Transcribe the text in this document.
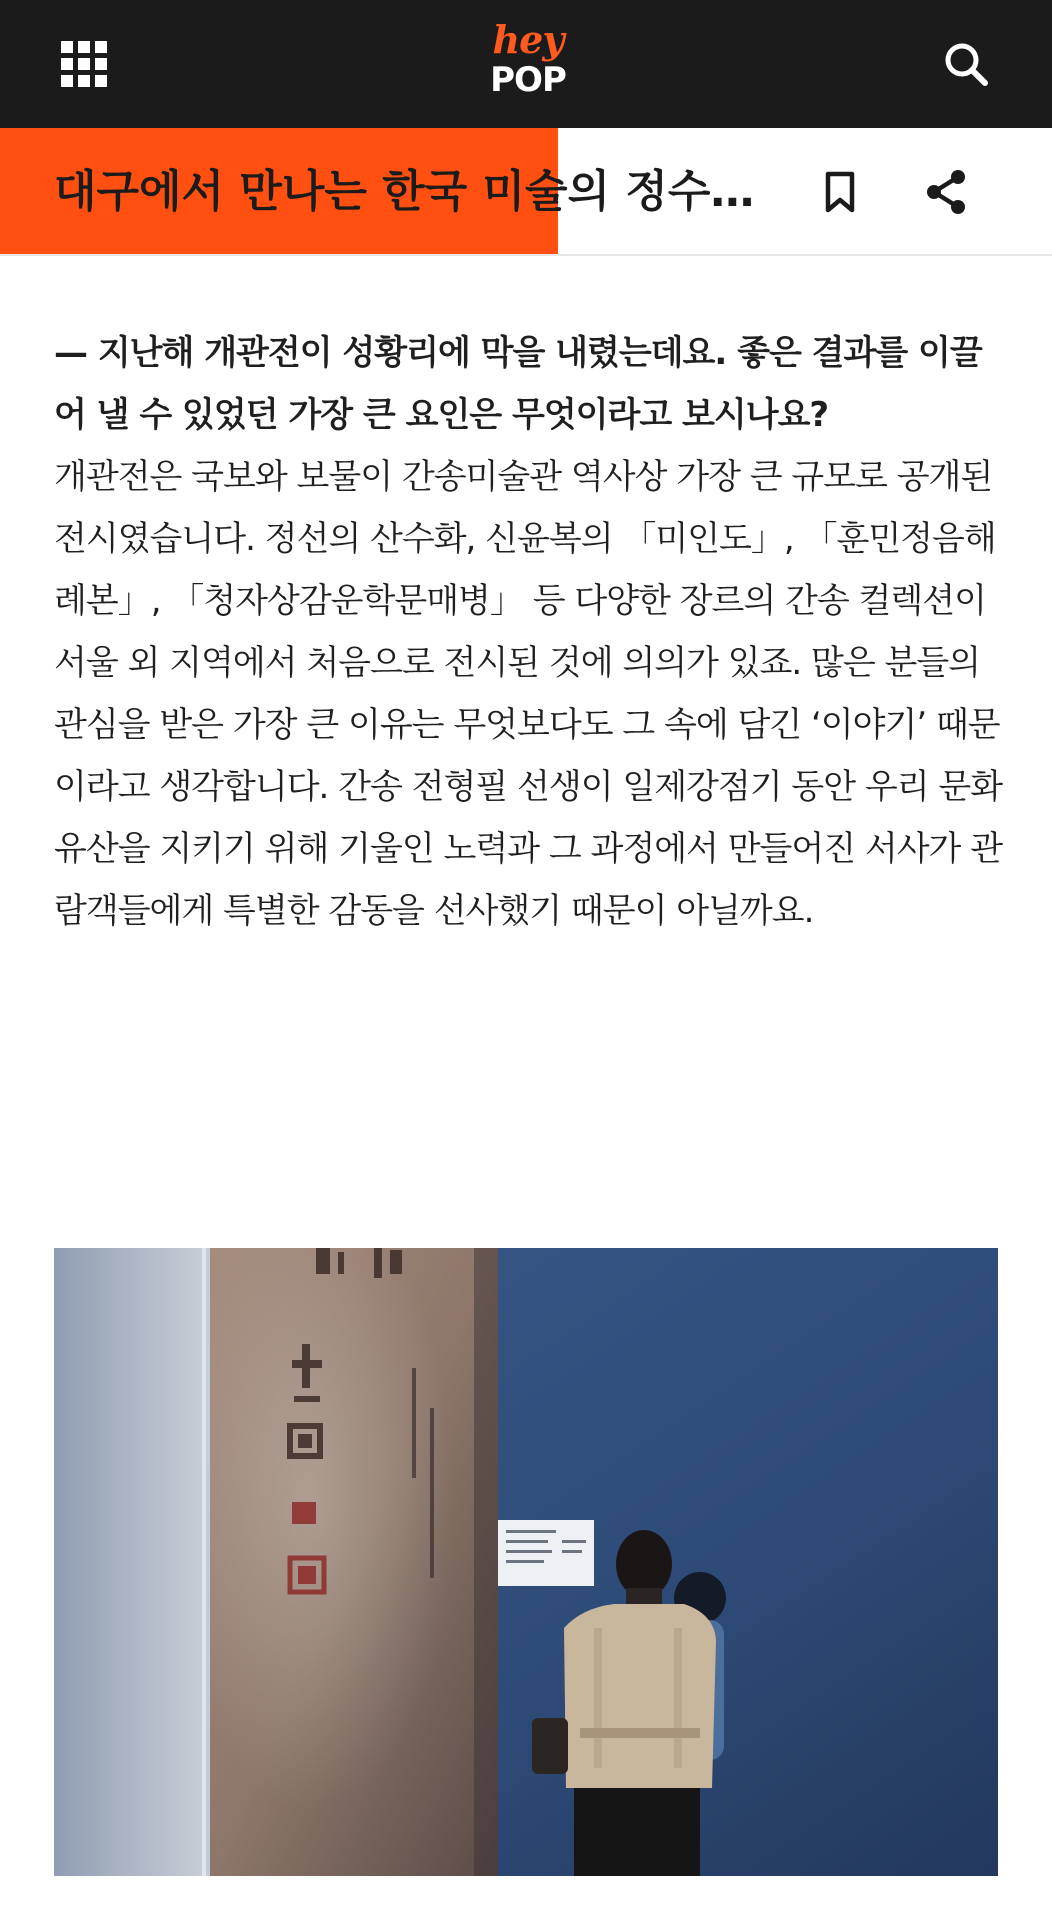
hey
POP
대구에서 만나는 한국 미술의 정수…

— 지난해 개관전이 성황리에 막을 내렸는데요. 좋은 결과를 이끌어 낼 수 있었던 가장 큰 요인은 무엇이라고 보시나요?

개관전은 국보와 보물이 간송미술관 역사상 가장 큰 규모로 공개된 전시였습니다. 정선의 산수화, 신윤복의 「미인도」, 「훈민정음해례본」, 「청자상감운학문매병」 등 다양한 장르의 간송 컬렉션이 서울 외 지역에서 처음으로 전시된 것에 의의가 있죠. 많은 분들의 관심을 받은 가장 큰 이유는 무엇보다도 그 속에 담긴 ‘이야기’ 때문이라고 생각합니다. 간송 전형필 선생이 일제강점기 동안 우리 문화유산을 지키기 위해 기울인 노력과 그 과정에서 만들어진 서사가 관람객들에게 특별한 감동을 선사했기 때문이 아닐까요.
